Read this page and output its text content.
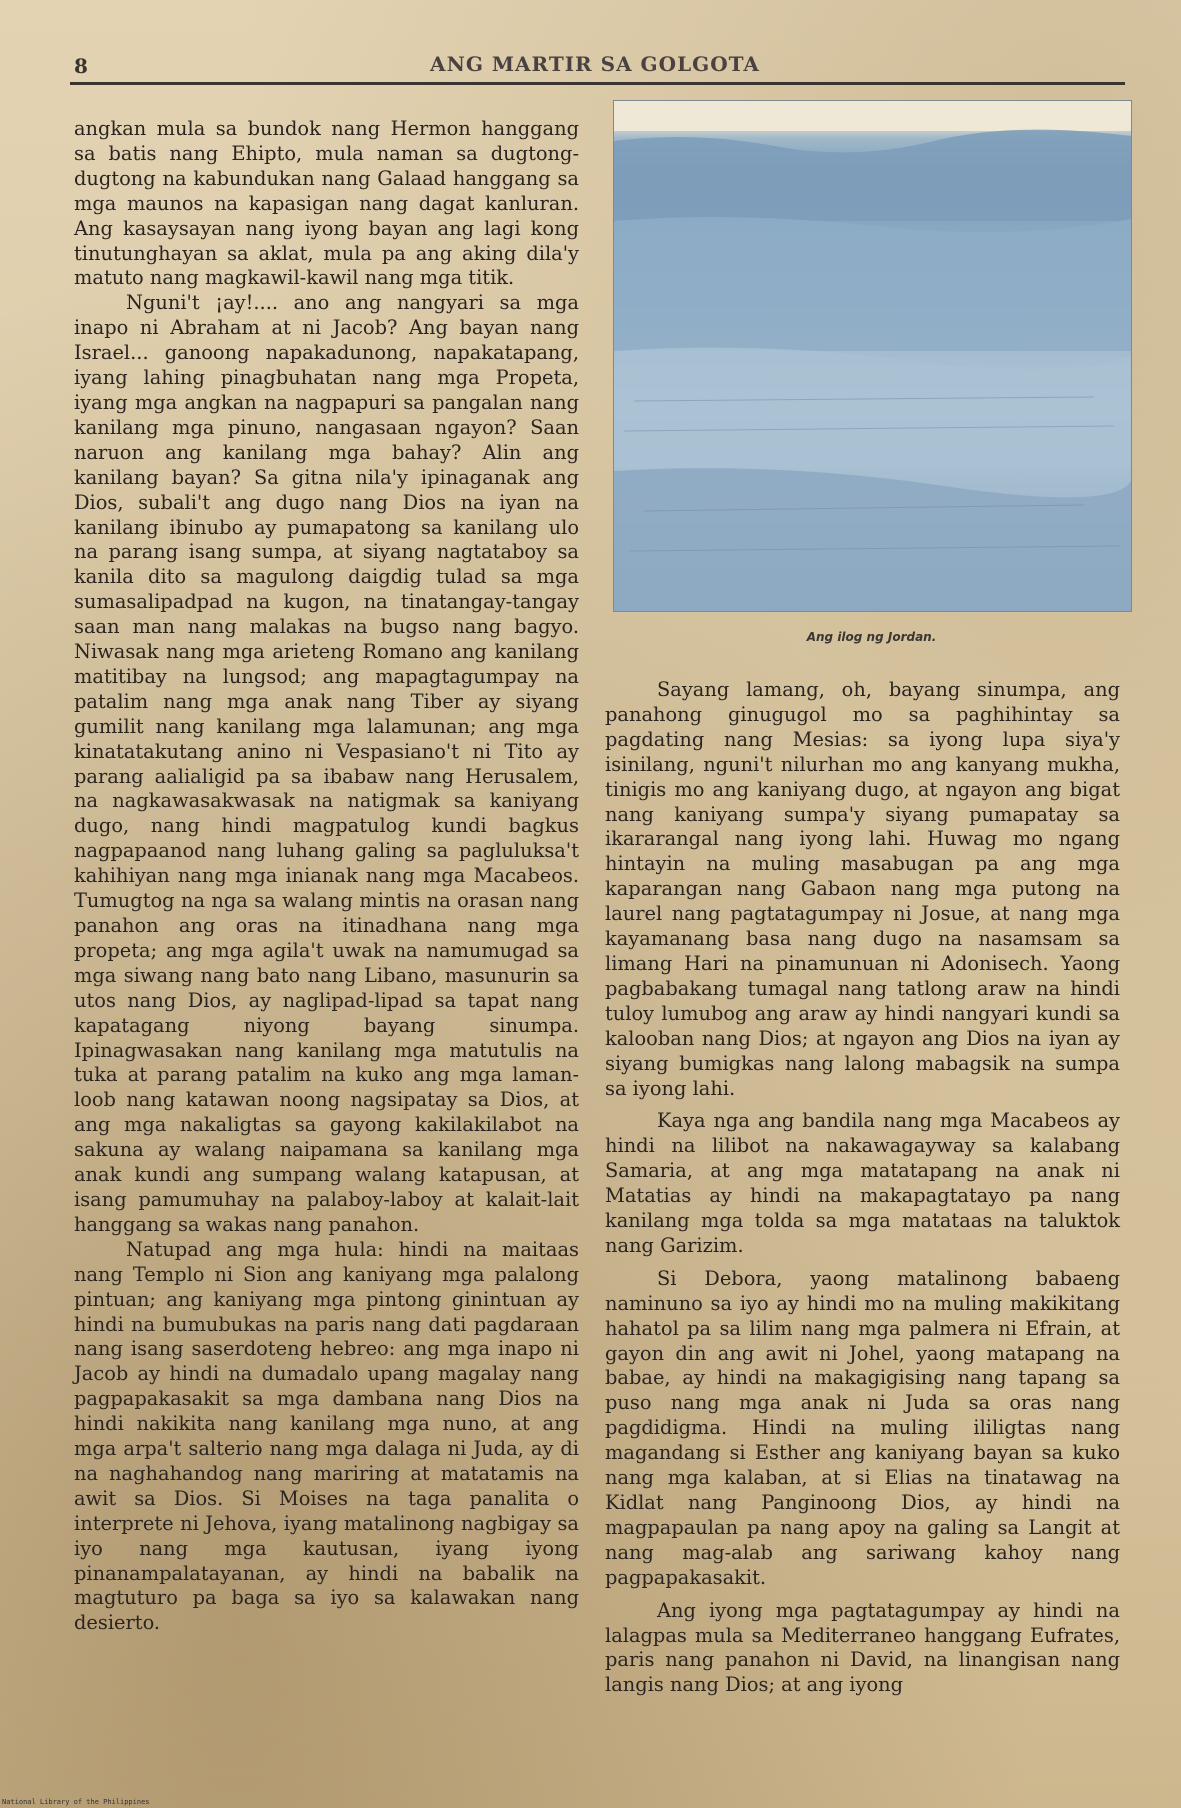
8	ANG MARTIR SA GOLGOTA

angkan mula sa bundok nang Hermon hanggang sa batis nang Ehipto, mula naman sa dugtong-dugtong na kabundukan nang Galaad hanggang sa mga maunos na kapasigan nang dagat kanluran. Ang kasaysayan nang iyong bayan ang lagi kong tinutunghayan sa aklat, mula pa ang aking dila'y matuto nang magkawil-kawil nang mga titik.

Nguni't ¡ay!.... ano ang nangyari sa mga inapo ni Abraham at ni Jacob? Ang bayan nang Israel... ganoong napakadunong, napakatapang, iyang lahing pinagbuhatan nang mga Propeta, iyang mga angkan na nagpapuri sa pangalan nang kanilang mga pinuno, nangasaan ngayon? Saan naruon ang kanilang mga bahay? Alin ang kanilang bayan? Sa gitna nila'y ipinaganak ang Dios, subali't ang dugo nang Dios na iyan na kanilang ibinubo ay pumapatong sa kanilang ulo na parang isang sumpa, at siyang nagtataboy sa kanila dito sa magulong daigdig tulad sa mga sumasalipadpad na kugon, na tinatangay-tangay saan man nang malakas na bugso nang bagyo. Niwasak nang mga arieteng Romano ang kanilang matitibay na lungsod; ang mapagtagumpay na patalim nang mga anak nang Tiber ay siyang gumilit nang kanilang mga lalamunan; ang mga kinatatakutang anino ni Vespasiano't ni Tito ay parang aalialigid pa sa ibabaw nang Herusalem, na nagkawasakwasak na natigmak sa kaniyang dugo, nang hindi magpatulog kundi bagkus nagpapaanod nang luhang galing sa pagluluksa't kahihiyan nang mga inianak nang mga Macabeos. Tumugtog na nga sa walang mintis na orasan nang panahon ang oras na itinadhana nang mga propeta; ang mga agila't uwak na namumugad sa mga siwang nang bato nang Libano, masunurin sa utos nang Dios, ay naglipad-lipad sa tapat nang kapatagang niyong bayang sinumpa. Ipinagwasakan nang kanilang mga matutulis na tuka at parang patalim na kuko ang mga laman-loob nang katawan noong nagsipatay sa Dios, at ang mga nakaligtas sa gayong kakilakilabot na sakuna ay walang naipamana sa kanilang mga anak kundi ang sumpang walang katapusan, at isang pamumuhay na palaboy-laboy at kalait-lait hanggang sa wakas nang panahon.

Natupad ang mga hula: hindi na maitaas nang Templo ni Sion ang kaniyang mga palalong pintuan; ang kaniyang mga pintong ginintuan ay hindi na bumubukas na paris nang dati pagdaraan nang isang saserdoteng hebreo: ang mga inapo ni Jacob ay hindi na dumadalo upang magalay nang pagpapakasakit sa mga dambana nang Dios na hindi nakikita nang kanilang mga nuno, at ang mga arpa't salterio nang mga dalaga ni Juda, ay di na naghahandog nang mariring at matatamis na awit sa Dios. Si Moises na taga panalita o interprete ni Jehova, iyang matalinong nagbigay sa iyo nang mga kautusan, iyang iyong pinanampalatayanan, ay hindi na babalik na magtuturo pa baga sa iyo sa kalawakan nang desierto.

Ang ilog ng Jordan.

Sayang lamang, oh, bayang sinumpa, ang panahong ginugugol mo sa paghihintay sa pagdating nang Mesias: sa iyong lupa siya'y isinilang, nguni't nilurhan mo ang kanyang mukha, tinigis mo ang kaniyang dugo, at ngayon ang bigat nang kaniyang sumpa'y siyang pumapatay sa ikararangal nang iyong lahi. Huwag mo ngang hintayin na muling masabugan pa ang mga kaparangan nang Gabaon nang mga putong na laurel nang pagtatagumpay ni Josue, at nang mga kayamanang basa nang dugo na nasamsam sa limang Hari na pinamunuan ni Adonisech. Yaong pagbabakang tumagal nang tatlong araw na hindi tuloy lumubog ang araw ay hindi nangyari kundi sa kalooban nang Dios; at ngayon ang Dios na iyan ay siyang bumigkas nang lalong mabagsik na sumpa sa iyong lahi.

Kaya nga ang bandila nang mga Macabeos ay hindi na lilibot na nakawagayway sa kalabang Samaria, at ang mga matatapang na anak ni Matatias ay hindi na makapagtatayo pa nang kanilang mga tolda sa mga matataas na taluktok nang Garizim.

Si Debora, yaong matalinong babaeng naminuno sa iyo ay hindi mo na muling makikitang hahatol pa sa lilim nang mga palmera ni Efrain, at gayon din ang awit ni Johel, yaong matapang na babae, ay hindi na makagigising nang tapang sa puso nang mga anak ni Juda sa oras nang pagdidigma. Hindi na muling ililigtas nang magandang si Esther ang kaniyang bayan sa kuko nang mga kalaban, at si Elias na tinatawag na Kidlat nang Panginoong Dios, ay hindi na magpapaulan pa nang apoy na galing sa Langit at nang mag-alab ang sariwang kahoy nang pagpapakasakit.

Ang iyong mga pagtatagumpay ay hindi na lalagpas mula sa Mediterraneo hanggang Eufrates, paris nang panahon ni David, na linangisan nang langis nang Dios; at ang iyong

National Library of the Philippines
